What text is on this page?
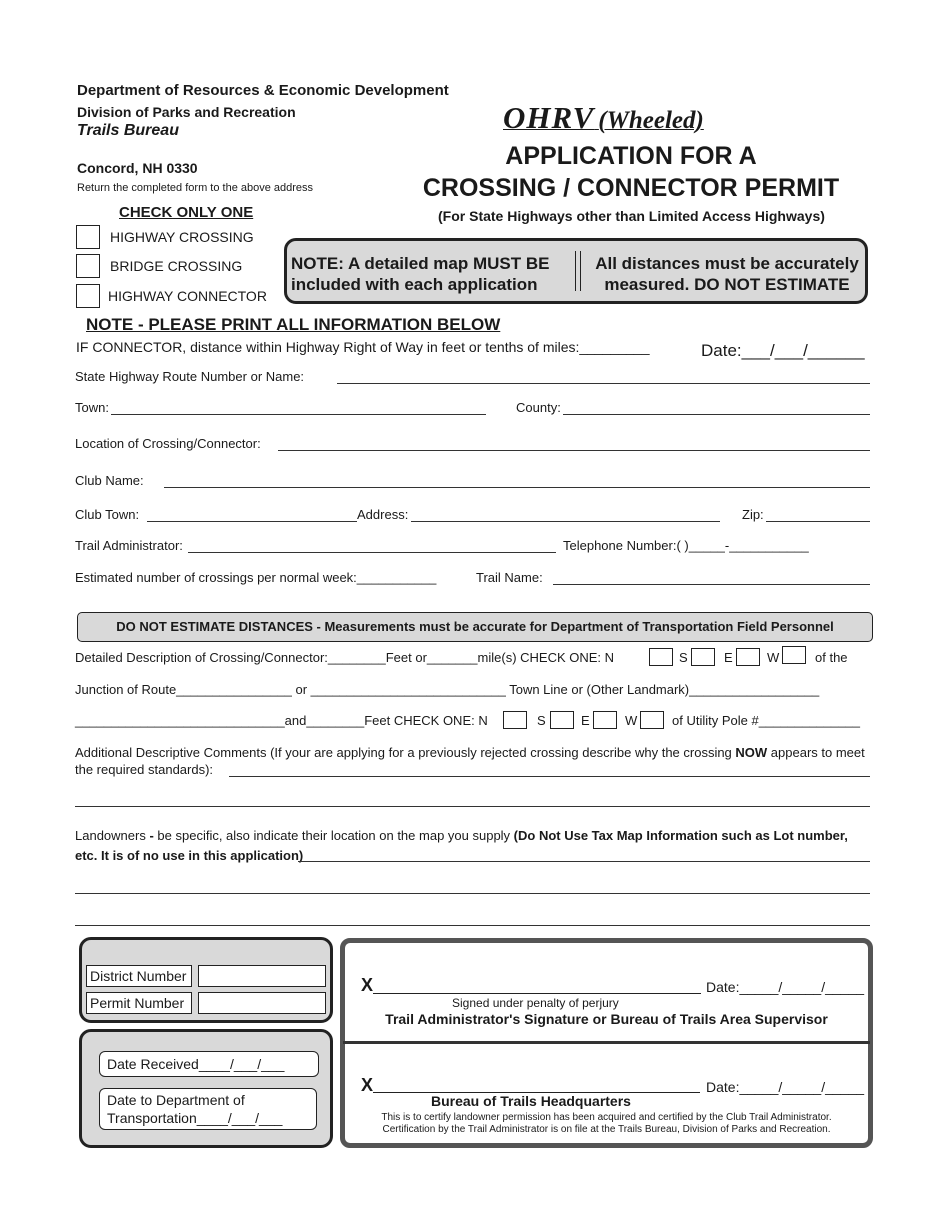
Department of Resources & Economic Development
Division of Parks and Recreation
Trails Bureau
Concord, NH 0330
Return the completed form to the above address
OHRV (Wheeled)
APPLICATION FOR A
CROSSING / CONNECTOR PERMIT
(For State Highways other than Limited Access Highways)
CHECK ONLY ONE
HIGHWAY CROSSING
BRIDGE CROSSING
HIGHWAY CONNECTOR
NOTE: A detailed map MUST BE
included with each application
All distances must be accurately
measured. DO NOT ESTIMATE
NOTE - PLEASE PRINT ALL INFORMATION BELOW
IF CONNECTOR, distance within Highway Right of Way in feet or tenths of miles:_________	Date:___/___/______
State Highway Route Number or Name:
Town:	County:
Location of Crossing/Connector:
Club Name:
Club Town:	Address:	Zip:
Trail Administrator:	Telephone Number:( )_____-___________
Estimated number of crossings per normal week:___________	Trail Name:
DO NOT ESTIMATE DISTANCES - Measurements must be accurate for Department of Transportation Field Personnel
Detailed Description of Crossing/Connector:________Feet or_______mile(s) CHECK ONE: N	S	E	W	of the
Junction of Route________________ or ___________________________ Town Line or (Other Landmark)__________________
_____________________________and________Feet CHECK ONE: N	S	E	W	of Utility Pole #______________
Additional Descriptive Comments (If your are applying for a previously rejected crossing describe why the crossing NOW appears to meet
the required standards):
Landowners - be specific, also indicate their location on the map you supply (Do Not Use Tax Map Information such as Lot number,
etc. It is of no use in this application)
District Number
Permit Number
Date Received____/___/___
Date to Department of
Transportation____/___/___
X	Date:_____/_____/_____
Signed under penalty of perjury
Trail Administrator's Signature or Bureau of Trails Area Supervisor
X	Date:_____/_____/_____
Bureau of Trails Headquarters
This is to certify landowner permission has been acquired and certified by the Club Trail Administrator.
Certification by the Trail Administrator is on file at the Trails Bureau, Division of Parks and Recreation.
